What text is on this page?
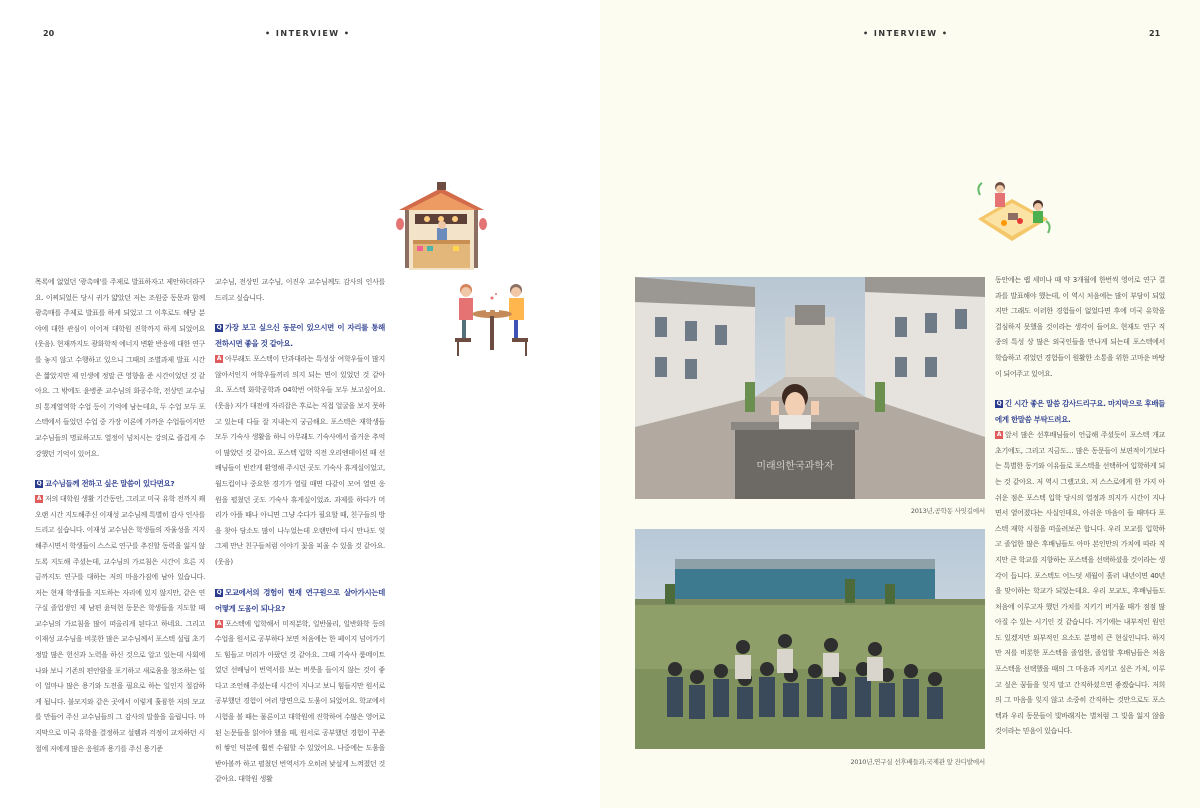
20	• INTERVIEW •

목록에 없었던 '광촉매'를 주제로 발표하자고 제안하더라구요. 이찌되었든 당시 귀가 얇았던 저는 조원중 동문과 함께 광촉매를 주제로 발표를 하게 되었고 그 이후로도 해당 분야에 대한 관심이 이어져 대학원 진학까지 하게 되었어요(웃음). 현재까지도 광화학적 에너지 변환 반응에 대한 연구를 놓지 않고 수행하고 있으니 그때의 조별과제 발표 시간은 짧았지만 제 인생에 정말 큰 영향을 준 시간이었던 것 같아요. 그 밖에도 윤병준 교수님의 화공수학, 전상민 교수님의 통계열역학 수업 등이 기억에 남는데요, 두 수업 모두 포스텍에서 들었던 수업 중 가장 이론에 가까운 수업들이지만 교수님들의 명료하고도 열정이 넘치시는 강의로 즐겁게 수강했던 기억이 있어요.

Q 교수님들께 전하고 싶은 말씀이 있다면요?
A 저의 대학원 생활 기간동안, 그리고 미국 유학 전까지 꽤 오랜 시간 지도해주신 이재성 교수님께 특별히 감사 인사를 드리고 싶습니다. 이재성 교수님은 학생들의 자율성을 지지해주시면서 학생들이 스스로 연구를 추진할 동력을 잃지 않도록 지도해 주셨는데, 교수님의 가르침은 시간이 흐른 지금까지도 연구를 대하는 저의 마음가짐에 남아 있습니다. 저는 현재 학생들을 지도하는 자리에 있지 않지만, 같은 연구실 졸업생인 제 남편 윤덕현 동문은 학생들을 지도할 때 교수님의 가르침을 많이 떠올리게 된다고 하네요. 그리고 이재성 교수님을 비롯한 많은 교수님께서 포스텍 설립 초기 정말 많은 헌신과 노력을 하신 것으로 알고 있는데 사회에 나와 보니 기존의 편안함을 포기하고 새로움을 창조하는 일이 얼마나 많은 용기와 도전을 필요로 하는 일인지 절감하게 됩니다. 불모지와 같은 곳에서 이렇게 훌륭한 저의 모교를 만들어 주신 교수님들의 그 감사의 말씀을 올립니다. 마지막으로 미국 유학을 결정하고 설렘과 걱정이 교차하던 시절에 저에게 많은 응원과 용기를 주신 용기준

교수님, 전상민 교수님, 이진우 교수님께도 감사의 인사를 드리고 싶습니다.

Q 가장 보고 싶으신 동문이 있으시면 이 자리를 통해 전하시면 좋을 것 같아요.

A 아무래도 포스텍이 단과대라는 특성상 여학우들이 많지 않아서인지 여학우들끼리 의지 되는 면이 있었던 것 같아요. 포스텍 화학공학과 04학번 여학우들 모두 보고싶어요. (웃음) 저가 대전에 자리잡은 후로는 직접 얼굴을 보지 못하고 있는데 다들 잘 지내는지 궁금해요. 포스텍은 재학생들 모두 기숙사 생활을 하니 아무래도 기숙사에서 즐거운 추억이 많았던 것 같아요. 포스텍 입학 직전 오리엔테이션 때 선배님들이 빈칸게 환영해 주시던 곳도 기숙사 휴게실이었고, 월드컵이나 중요한 경기가 열릴 때면 다같이 모여 열띤 응원을 펼쳤던 곳도 기숙사 휴게실이었죠. 과제를 하다가 머리가 아플 때나 아니면 그냥 수다가 필요할 때, 친구들의 방을 찾아 담소도 많이 나누었는데 오랜만에 다시 만나도 엊그제 만난 친구들처럼 이야기 꽃을 피울 수 있을 것 같아요.(웃음)

Q 모교에서의 경험이 현재 연구원으로 살아가시는데 어떻게 도움이 되나요?
A 포스텍에 입학해서 미적분학, 일반물리, 일반화학 등의 수업을 원서로 공부하다 보면 처음에는 한 페이지 넘어가기도 힘들고 머리가 아팠던 것 같아요. 그때 기숙사 룸메이트였던 선배님이 번역서를 보는 버릇을 들이지 않는 것이 좋다고 조언해 주셨는데 시간이 지나고 보니 힘들지만 원서로 공부했던 경험이 여러 방면으로 도움이 되었어요. 학교에서 시험을 볼 때는 물론이고 대학원에 진학하여 수많은 영어로 된 논문들을 읽어야 했을 때, 원서로 공부했던 경험이 꾸준히 쌓인 덕분에 훨씬 수월할 수 있었어요. 나중에는 도움을 받아볼까 하고 펼쳤던 번역서가 오히려 낯설게 느껴졌던 것 같아요. 대학원 생활
• INTERVIEW •	21
미래의한국과학자
2013년,공학동 사잇길에서
2010년,연구실 선후배들과,국제관 앞 잔디밭에서

동안에는 랩 세미나 때 약 3개월에 한번씩 영어로 연구 결과를 발표해야 했는데, 이 역시 처음에는 많이 부담이 되었지만 그래도 이러한 경험들이 없었다면 후에 미국 유학을 결심하지 못했을 것이라는 생각이 들어요. 현재도 연구 직종의 특성 상 많은 외국인들을 만나게 되는데 포스텍에서 학습하고 겪었던 경험들이 원활한 소통을 위한 고마운 바탕이 되어주고 있어요.

Q 긴 시간 좋은 말씀 감사드리구요. 마지막으로 후배들에게 한말씀 부탁드려요.
A 앞서 많은 선후배님들이 언급해 주셨듯이 포스텍 개교 초기에도, 그리고 지금도… 많은 동문들이 보편적이기보다는 특별한 동기와 이유들로 포스텍을 선택하여 입학하게 되는 것 같아요. 저 역시 그랬고요. 저 스스로에게 한 가지 아쉬운 점은 포스텍 입학 당시의 열정과 의지가 시간이 지나면서 옅어졌다는 사실인데요, 아쉬운 마음이 들 때마다 포스텍 재학 시절을 떠올려보곤 합니다. 우리 모교를 입학하고 졸업한 많은 후배님들도 아마 본인만의 가치에 따라 직지만 큰 학교를 지향하는 포스텍을 선택하셨을 것이라는 생각이 듭니다. 포스텍도 어느덧 세월이 흘러 내년이면 40년을 맞이하는 학교가 되었는데요. 우리 모교도, 후배님들도 처음에 이루고자 했던 가치를 지키기 버거울 때가 점점 많아질 수 있는 시기인 것 같습니다. 거기에는 내부적인 원인도 있겠지만 외부적인 요소도 분명히 큰 현실인니다. 하지만 저를 비롯한 포스텍을 졸업한, 졸업할 후배님들은 처음 포스텍을 선택했을 때의 그 마음과 지키고 싶은 가치, 이루고 싶은 꿈들을 잊지 말고 간직하셨으면 좋겠습니다. 저희의 그 마음을 잊지 않고 소중히 간직하는 것만으로도 포스텍과 우리 동문들이 빛바래지는 별처럼 그 빛을 잃지 않을 것이라는 믿음이 있습니다.
